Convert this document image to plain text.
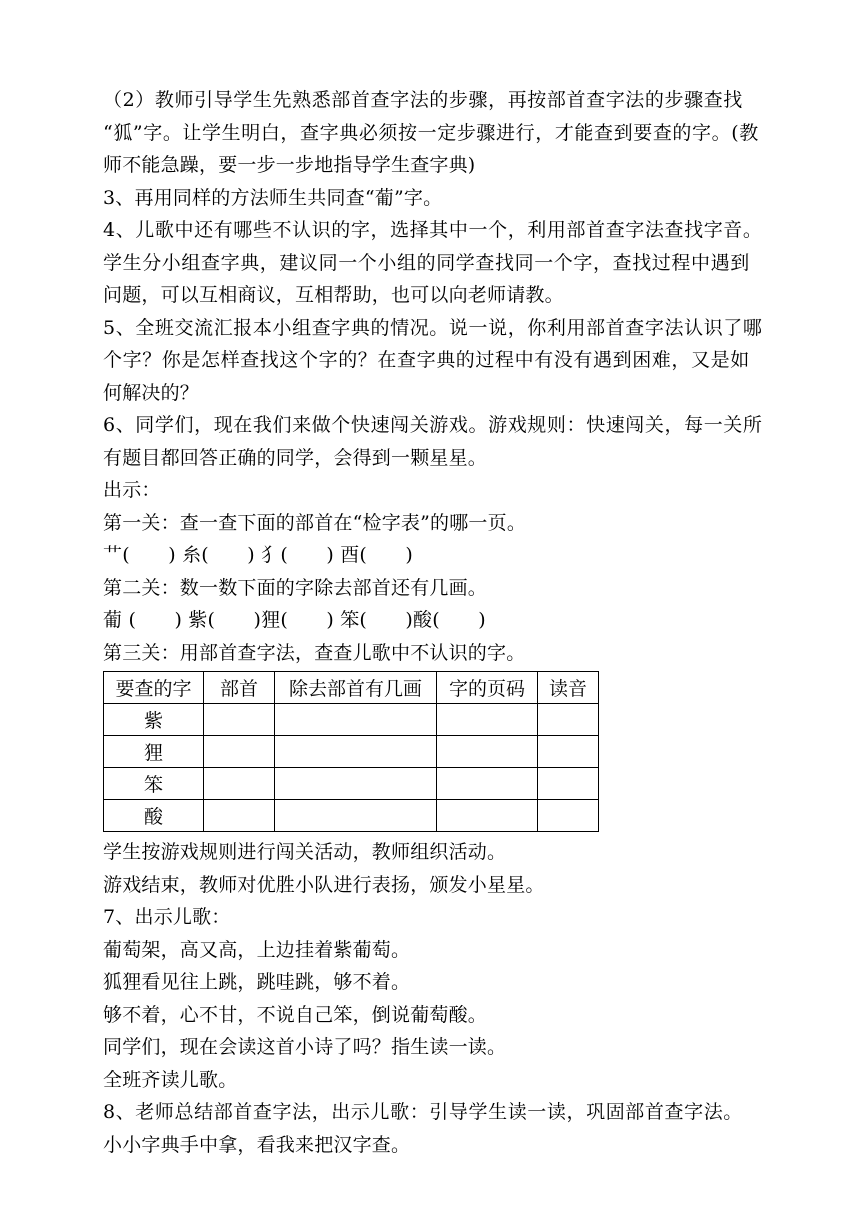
（2）教师引导学生先熟悉部首查字法的步骤，再按部首查字法的步骤查找
“狐”字。让学生明白，查字典必须按一定步骤进行，才能查到要查的字。(教
师不能急躁，要一步一步地指导学生查字典)
3、再用同样的方法师生共同查“葡”字。
4、儿歌中还有哪些不认识的字，选择其中一个，利用部首查字法查找字音。
学生分小组查字典，建议同一个小组的同学查找同一个字，查找过程中遇到
问题，可以互相商议，互相帮助，也可以向老师请教。
5、全班交流汇报本小组查字典的情况。说一说，你利用部首查字法认识了哪
个字？你是怎样查找这个字的？在查字典的过程中有没有遇到困难，又是如
何解决的？
6、同学们，现在我们来做个快速闯关游戏。游戏规则：快速闯关，每一关所
有题目都回答正确的同学，会得到一颗星星。
出示：
第一关：查一查下面的部首在“检字表”的哪一页。
艹(　　) 糸(　　) 犭(　　) 酉(　　)
第二关：数一数下面的字除去部首还有几画。
葡 (　　) 紫(　　)狸(　　) 笨(　　)酸(　　)
第三关：用部首查字法，查查儿歌中不认识的字。
要查的字	部首	除去部首有几画	字的页码	读音
紫				
狸				
笨				
酸				
学生按游戏规则进行闯关活动，教师组织活动。
游戏结束，教师对优胜小队进行表扬，颁发小星星。
7、出示儿歌：
葡萄架，高又高，上边挂着紫葡萄。
狐狸看见往上跳，跳哇跳，够不着。
够不着，心不甘，不说自己笨，倒说葡萄酸。
同学们，现在会读这首小诗了吗？指生读一读。
全班齐读儿歌。
8、老师总结部首查字法，出示儿歌：引导学生读一读，巩固部首查字法。
小小字典手中拿，看我来把汉字查。
